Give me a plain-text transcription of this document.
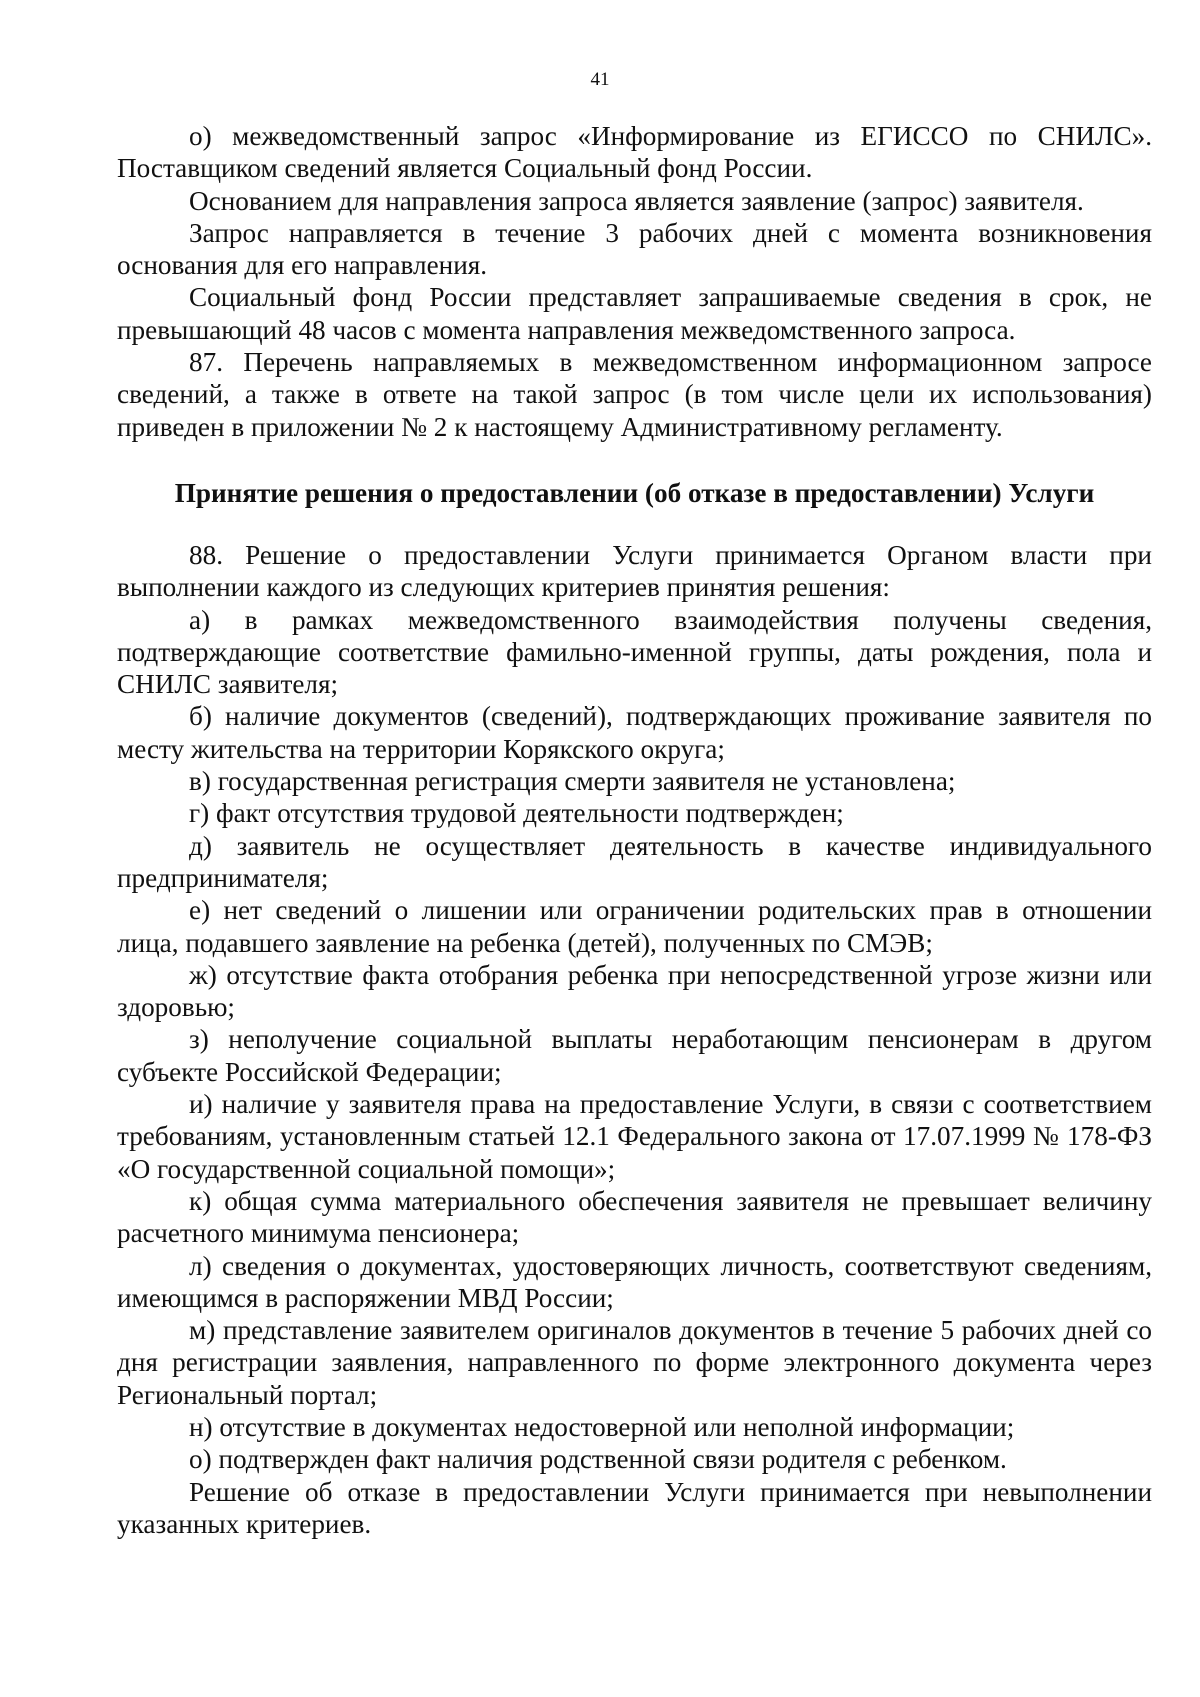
41

о) межведомственный запрос «Информирование из ЕГИССО по СНИЛС». Поставщиком сведений является Социальный фонд России.

Основанием для направления запроса является заявление (запрос) заявителя.

Запрос направляется в течение 3 рабочих дней с момента возникновения основания для его направления.

Социальный фонд России представляет запрашиваемые сведения в срок, не превышающий 48 часов с момента направления межведомственного запроса.

87. Перечень направляемых в межведомственном информационном запросе сведений, а также в ответе на такой запрос (в том числе цели их использования) приведен в приложении № 2 к настоящему Административному регламенту.

Принятие решения о предоставлении (об отказе в предоставлении) Услуги

88. Решение о предоставлении Услуги принимается Органом власти при выполнении каждого из следующих критериев принятия решения:

а) в рамках межведомственного взаимодействия получены сведения, подтверждающие соответствие фамильно-именной группы, даты рождения, пола и СНИЛС заявителя;

б) наличие документов (сведений), подтверждающих проживание заявителя по месту жительства на территории Корякского округа;

в) государственная регистрация смерти заявителя не установлена;

г) факт отсутствия трудовой деятельности подтвержден;

д) заявитель не осуществляет деятельность в качестве индивидуального предпринимателя;

е) нет сведений о лишении или ограничении родительских прав в отношении лица, подавшего заявление на ребенка (детей), полученных по СМЭВ;

ж) отсутствие факта отобрания ребенка при непосредственной угрозе жизни или здоровью;

з) неполучение социальной выплаты неработающим пенсионерам в другом субъекте Российской Федерации;

и) наличие у заявителя права на предоставление Услуги, в связи с соответствием требованиям, установленным статьей 12.1 Федерального закона от 17.07.1999 № 178-ФЗ «О государственной социальной помощи»;

к) общая сумма материального обеспечения заявителя не превышает величину расчетного минимума пенсионера;

л) сведения о документах, удостоверяющих личность, соответствуют сведениям, имеющимся в распоряжении МВД России;

м) представление заявителем оригиналов документов в течение 5 рабочих дней со дня регистрации заявления, направленного по форме электронного документа через Региональный портал;

н) отсутствие в документах недостоверной или неполной информации;

о) подтвержден факт наличия родственной связи родителя с ребенком.

Решение об отказе в предоставлении Услуги принимается при невыполнении указанных критериев.
